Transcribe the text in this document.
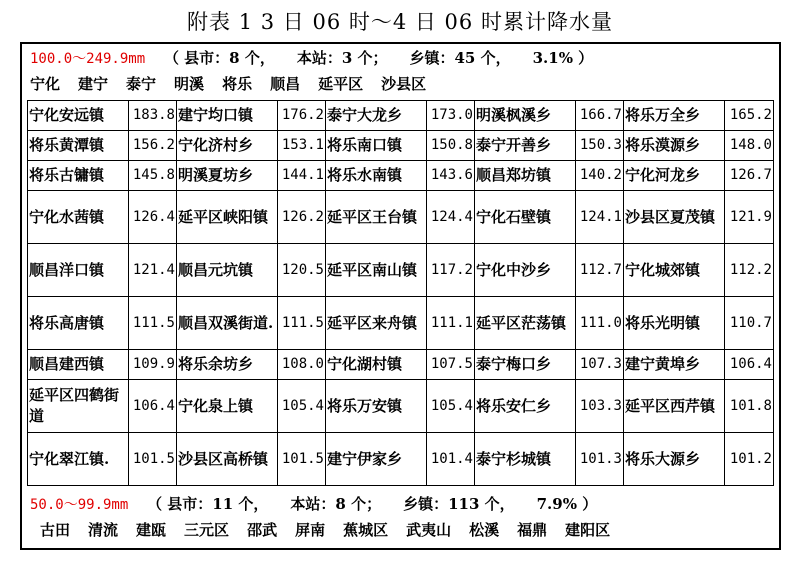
附表 1 3 日 06 时～4 日 06 时累计降水量
100.0～249.9mm （ 县市：8 个， 本站：3 个； 乡镇：45 个， 3.1% ）
宁化 建宁 泰宁 明溪 将乐 顺昌 延平区 沙县区
宁化安远镇	183.8	建宁均口镇	176.2	泰宁大龙乡	173.0	明溪枫溪乡	166.7	将乐万全乡	165.2
将乐黄潭镇	156.2	宁化济村乡	153.1	将乐南口镇	150.8	泰宁开善乡	150.3	将乐漠源乡	148.0
将乐古镛镇	145.8	明溪夏坊乡	144.1	将乐水南镇	143.6	顺昌郑坊镇	140.2	宁化河龙乡	126.7
宁化水茜镇	126.4	延平区峡阳镇	126.2	延平区王台镇	124.4	宁化石壁镇	124.1	沙县区夏茂镇	121.9
顺昌洋口镇	121.4	顺昌元坑镇	120.5	延平区南山镇	117.2	宁化中沙乡	112.7	宁化城郊镇	112.2
将乐高唐镇	111.5	顺昌双溪街道.	111.5	延平区来舟镇	111.1	延平区茫荡镇	111.0	将乐光明镇	110.7
顺昌建西镇	109.9	将乐余坊乡	108.0	宁化湖村镇	107.5	泰宁梅口乡	107.3	建宁黄埠乡	106.4
延平区四鹤街道	106.4	宁化泉上镇	105.4	将乐万安镇	105.4	将乐安仁乡	103.3	延平区西芹镇	101.8
宁化翠江镇.	101.5	沙县区高桥镇	101.5	建宁伊家乡	101.4	泰宁杉城镇	101.3	将乐大源乡	101.2
50.0～99.9mm （ 县市：11 个， 本站：8 个； 乡镇：113 个， 7.9% ）
古田 清流 建瓯 三元区 邵武 屏南 蕉城区 武夷山 松溪 福鼎 建阳区
